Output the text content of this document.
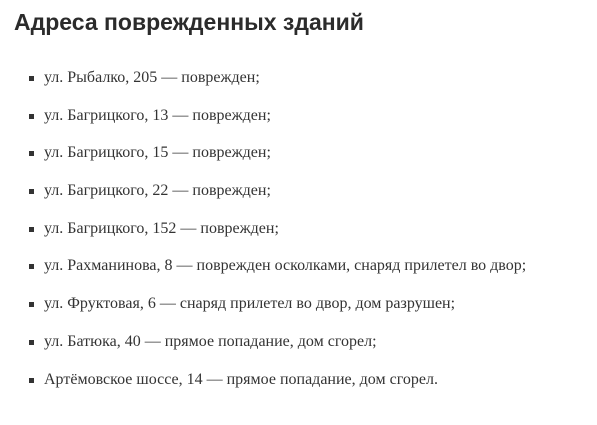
Адреса поврежденных зданий
ул. Рыбалко, 205 — поврежден;
ул. Багрицкого, 13 — поврежден;
ул. Багрицкого, 15 — поврежден;
ул. Багрицкого, 22 — поврежден;
ул. Багрицкого, 152 — поврежден;
ул. Рахманинова, 8 — поврежден осколками, снаряд прилетел во двор;
ул. Фруктовая, 6 — снаряд прилетел во двор, дом разрушен;
ул. Батюка, 40 — прямое попадание, дом сгорел;
Артёмовское шоссе, 14 — прямое попадание, дом сгорел.
